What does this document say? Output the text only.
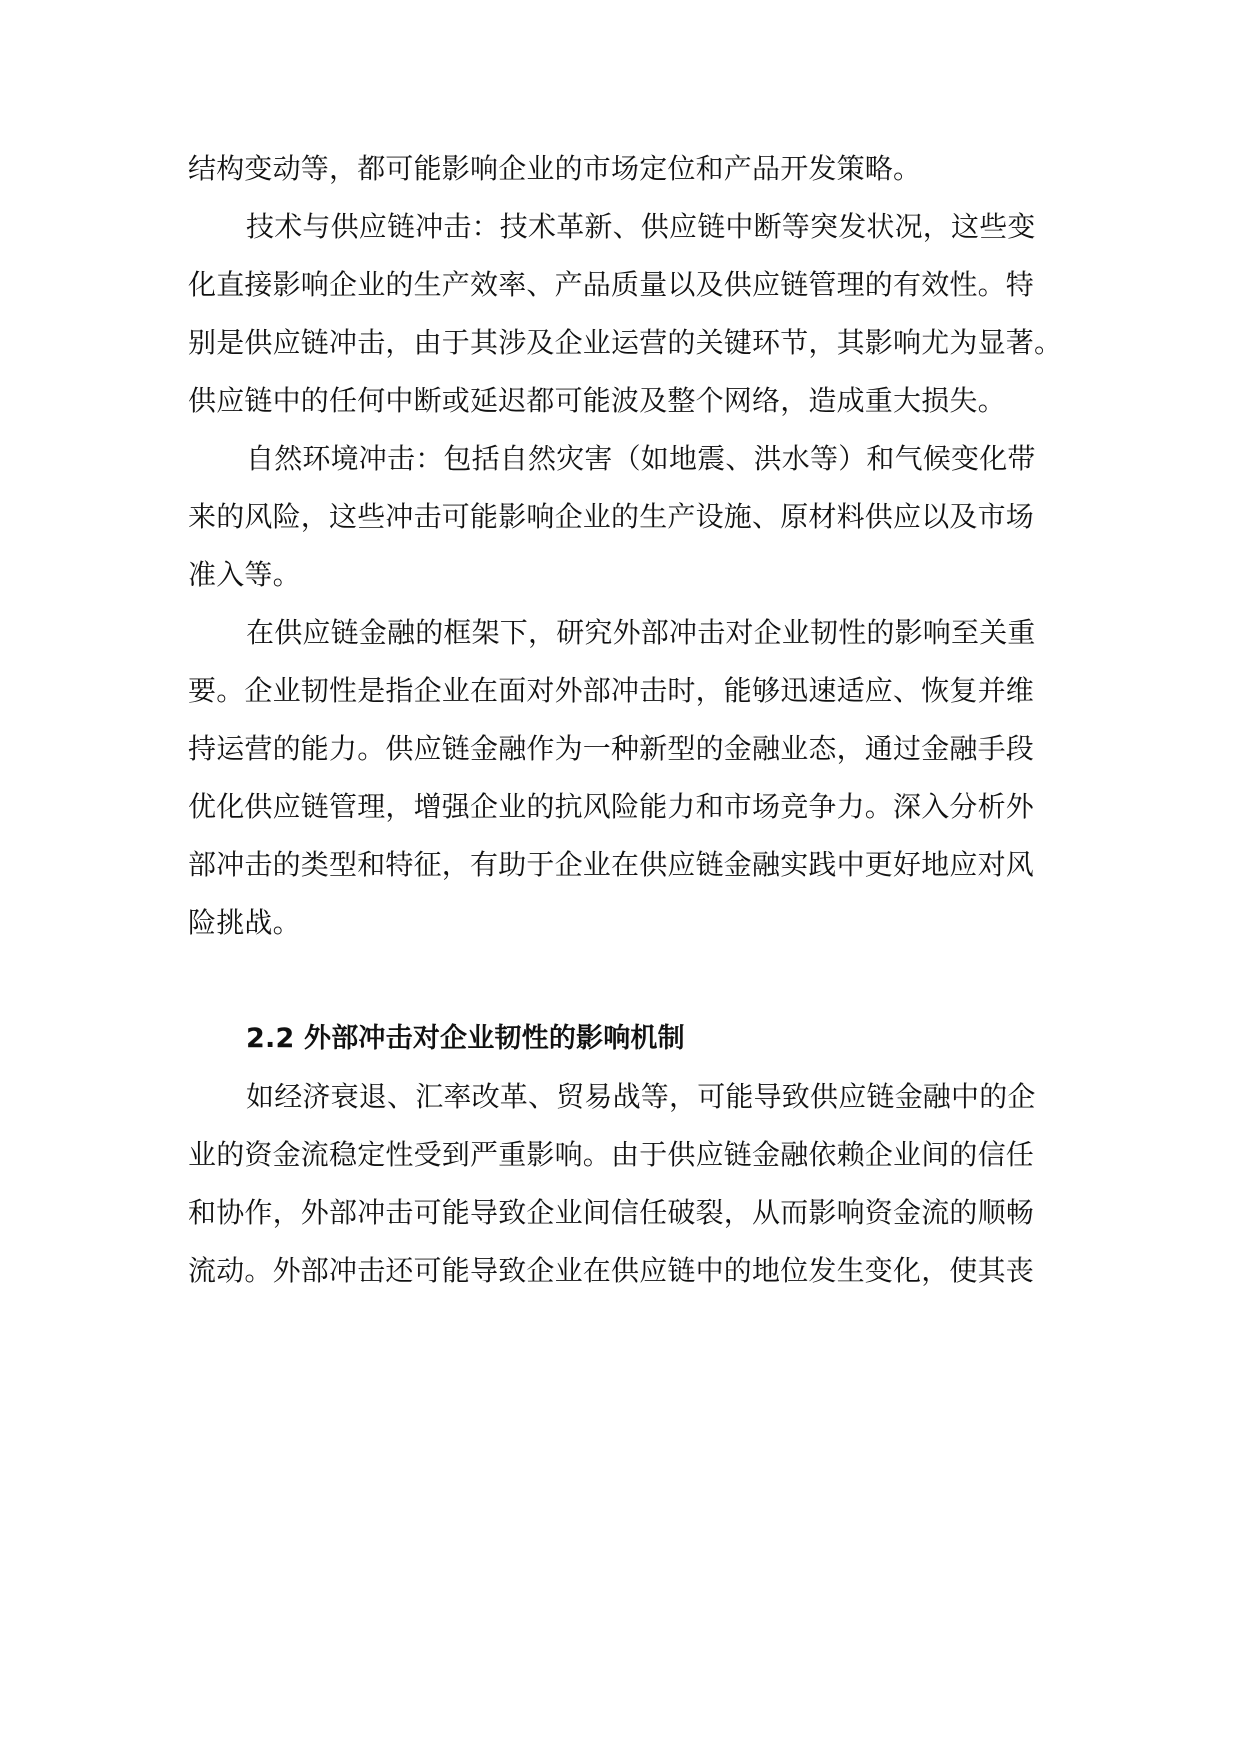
结构变动等，都可能影响企业的市场定位和产品开发策略。
技术与供应链冲击：技术革新、供应链中断等突发状况，这些变
化直接影响企业的生产效率、产品质量以及供应链管理的有效性。特
别是供应链冲击，由于其涉及企业运营的关键环节，其影响尤为显著。
供应链中的任何中断或延迟都可能波及整个网络，造成重大损失。
自然环境冲击：包括自然灾害（如地震、洪水等）和气候变化带
来的风险，这些冲击可能影响企业的生产设施、原材料供应以及市场
准入等。
在供应链金融的框架下，研究外部冲击对企业韧性的影响至关重
要。企业韧性是指企业在面对外部冲击时，能够迅速适应、恢复并维
持运营的能力。供应链金融作为一种新型的金融业态，通过金融手段
优化供应链管理，增强企业的抗风险能力和市场竞争力。深入分析外
部冲击的类型和特征，有助于企业在供应链金融实践中更好地应对风
险挑战。
2.2 外部冲击对企业韧性的影响机制
如经济衰退、汇率改革、贸易战等，可能导致供应链金融中的企
业的资金流稳定性受到严重影响。由于供应链金融依赖企业间的信任
和协作，外部冲击可能导致企业间信任破裂，从而影响资金流的顺畅
流动。外部冲击还可能导致企业在供应链中的地位发生变化，使其丧
